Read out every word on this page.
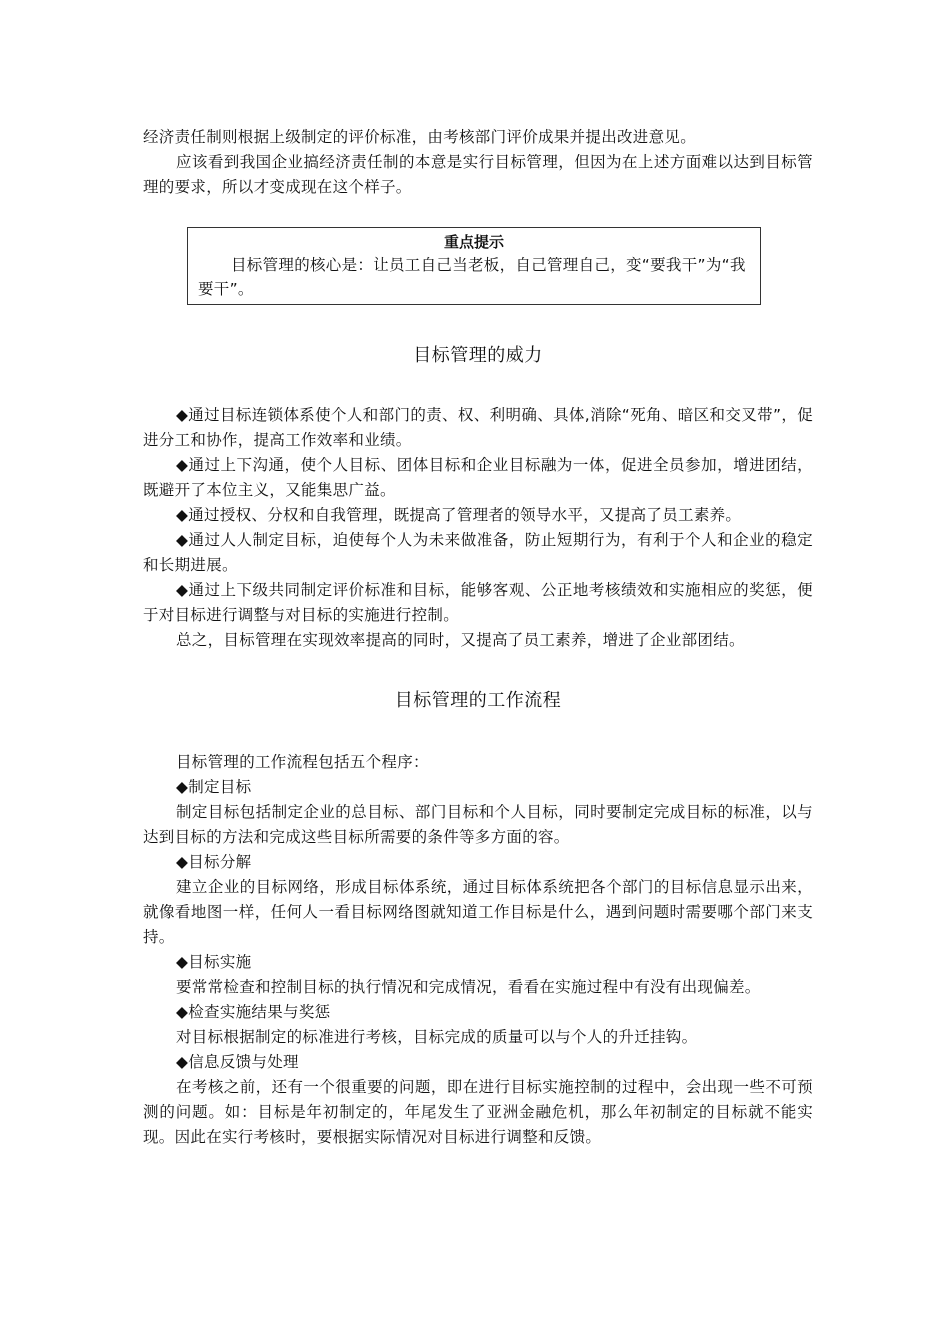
经济责任制则根据上级制定的评价标准，由考核部门评价成果并提出改进意见。

应该看到我国企业搞经济责任制的本意是实行目标管理，但因为在上述方面难以达到目标管理的要求，所以才变成现在这个样子。

重点提示

目标管理的核心是：让员工自己当老板，自己管理自己，变“要我干”为“我要干”。

目标管理的威力

◆通过目标连锁体系使个人和部门的责、权、利明确、具体,消除“死角、暗区和交叉带”，促进分工和协作，提高工作效率和业绩。

◆通过上下沟通，使个人目标、团体目标和企业目标融为一体，促进全员参加，增进团结，既避开了本位主义，又能集思广益。

◆通过授权、分权和自我管理，既提高了管理者的领导水平，又提高了员工素养。

◆通过人人制定目标，迫使每个人为未来做准备，防止短期行为，有利于个人和企业的稳定和长期进展。

◆通过上下级共同制定评价标准和目标，能够客观、公正地考核绩效和实施相应的奖惩，便于对目标进行调整与对目标的实施进行控制。

总之，目标管理在实现效率提高的同时，又提高了员工素养，增进了企业部团结。

目标管理的工作流程

目标管理的工作流程包括五个程序：

◆制定目标

制定目标包括制定企业的总目标、部门目标和个人目标，同时要制定完成目标的标准，以与达到目标的方法和完成这些目标所需要的条件等多方面的容。

◆目标分解

建立企业的目标网络，形成目标体系统，通过目标体系统把各个部门的目标信息显示出来，就像看地图一样，任何人一看目标网络图就知道工作目标是什么，遇到问题时需要哪个部门来支持。

◆目标实施

要常常检查和控制目标的执行情况和完成情况，看看在实施过程中有没有出现偏差。

◆检查实施结果与奖惩

对目标根据制定的标准进行考核，目标完成的质量可以与个人的升迁挂钩。

◆信息反馈与处理

在考核之前，还有一个很重要的问题，即在进行目标实施控制的过程中，会出现一些不可预测的问题。如：目标是年初制定的，年尾发生了亚洲金融危机，那么年初制定的目标就不能实现。因此在实行考核时，要根据实际情况对目标进行调整和反馈。
